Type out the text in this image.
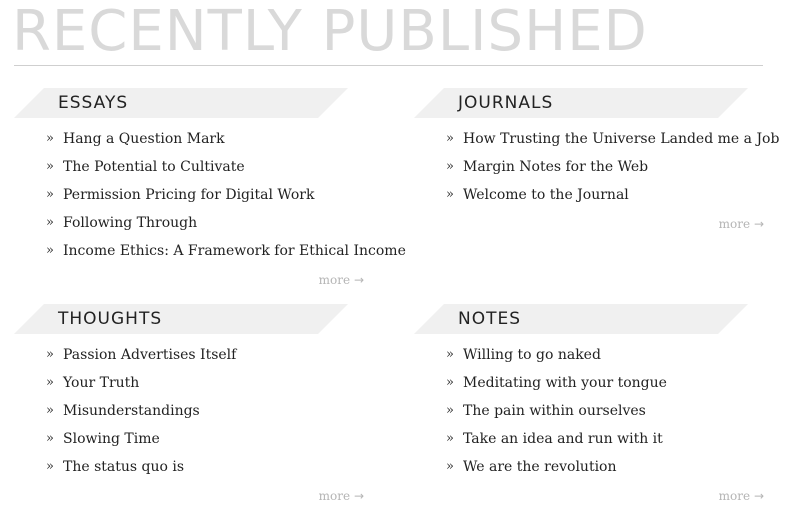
RECENTLY PUBLISHED
ESSAYS
» Hang a Question Mark
» The Potential to Cultivate
» Permission Pricing for Digital Work
» Following Through
» Income Ethics: A Framework for Ethical Income
more →
JOURNALS
» How Trusting the Universe Landed me a Job
» Margin Notes for the Web
» Welcome to the Journal
more →
THOUGHTS
» Passion Advertises Itself
» Your Truth
» Misunderstandings
» Slowing Time
» The status quo is
more →
NOTES
» Willing to go naked
» Meditating with your tongue
» The pain within ourselves
» Take an idea and run with it
» We are the revolution
more →
